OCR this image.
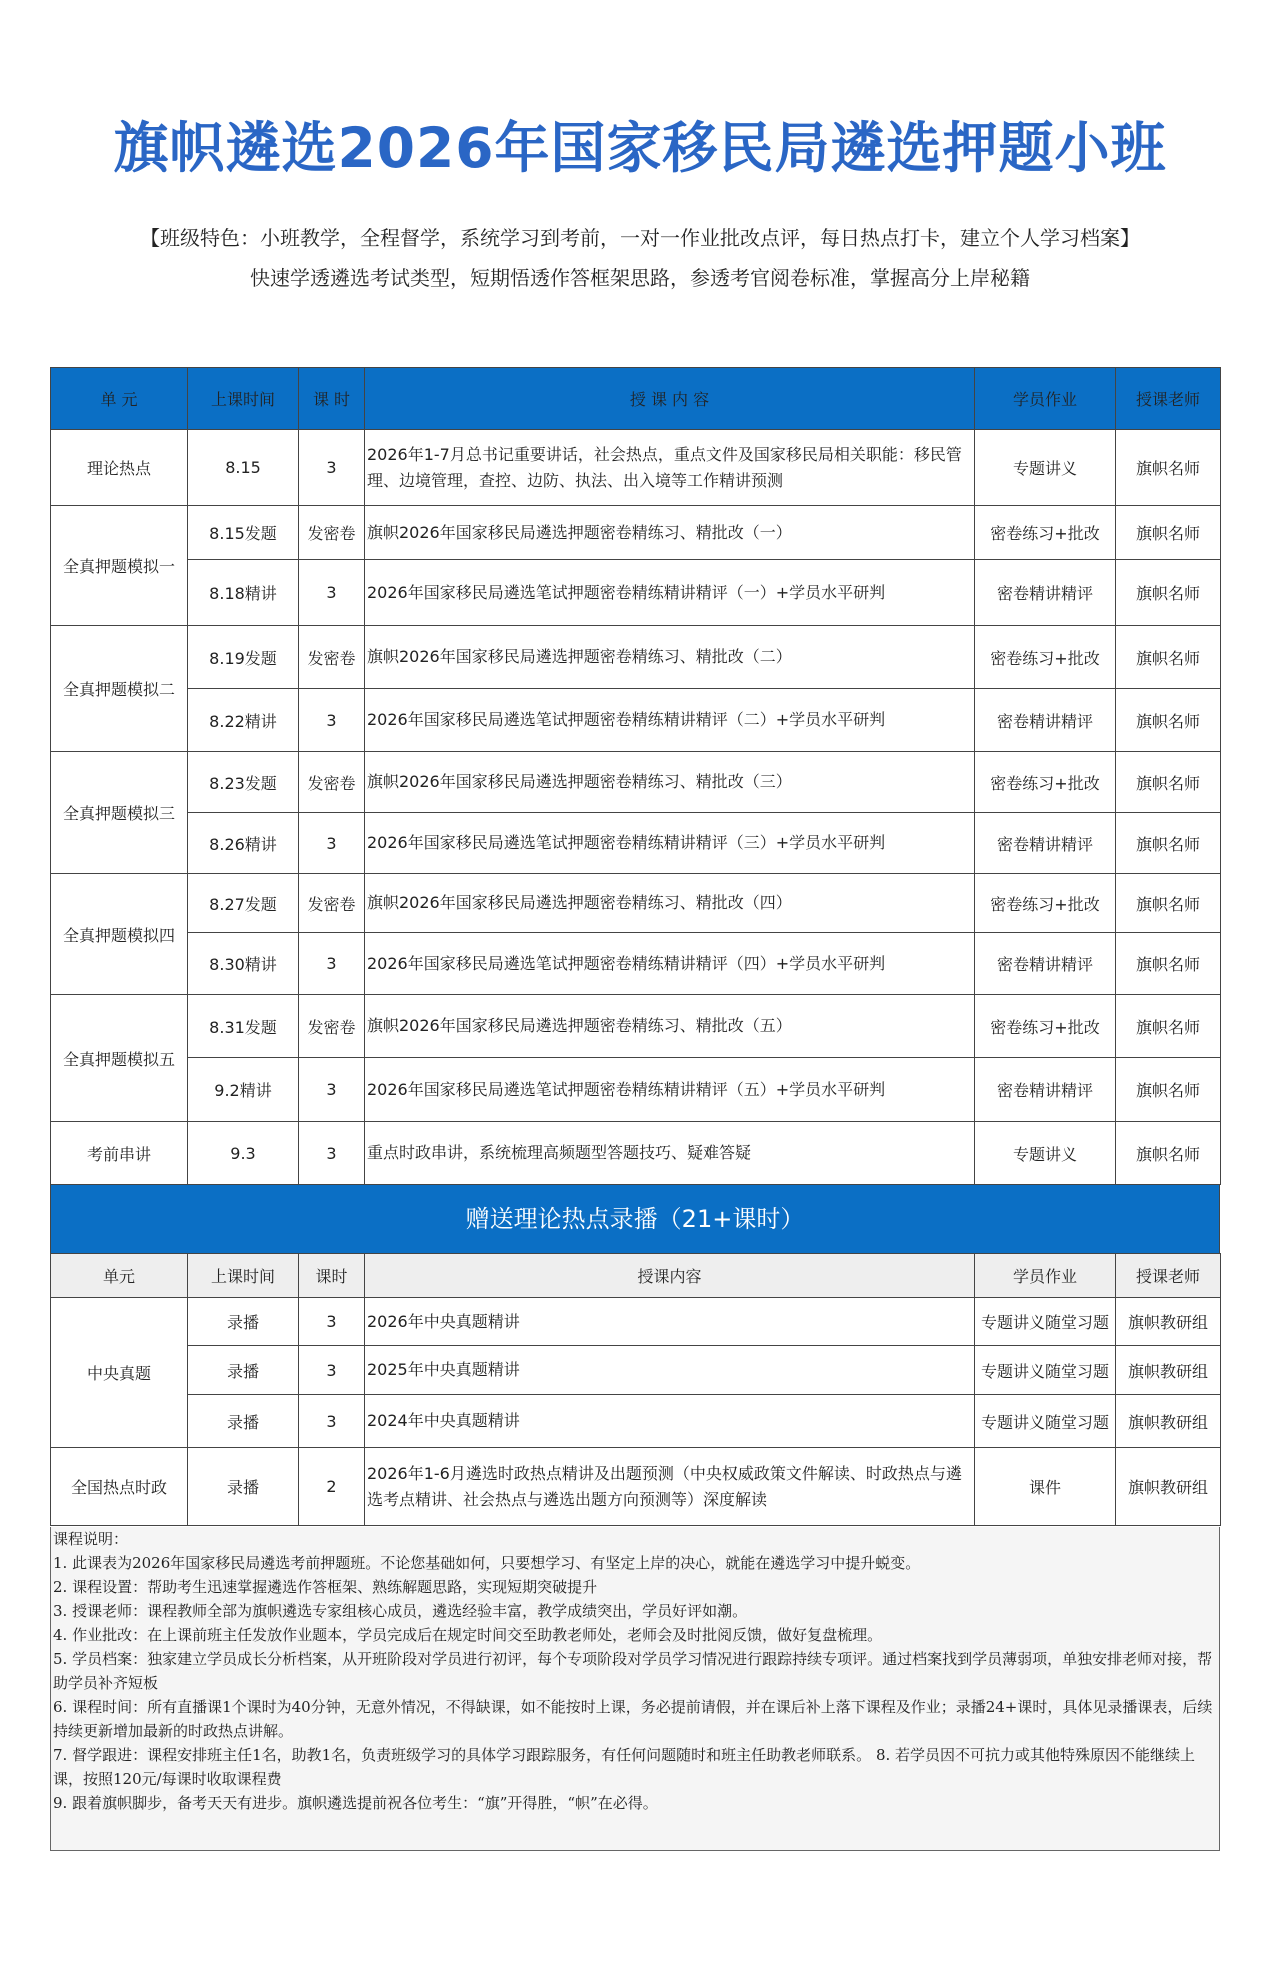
旗帜遴选2026年国家移民局遴选押题小班
【班级特色：小班教学，全程督学，系统学习到考前，一对一作业批改点评，每日热点打卡，建立个人学习档案】
快速学透遴选考试类型，短期悟透作答框架思路，参透考官阅卷标准，掌握高分上岸秘籍
单 元	上课时间	课 时	授 课 内 容	学员作业	授课老师
理论热点	8.15	3	2026年1-7月总书记重要讲话，社会热点，重点文件及国家移民局相关职能：移民管理、边境管理，查控、边防、执法、出入境等工作精讲预测	专题讲义	旗帜名师
全真押题模拟一	8.15发题	发密卷	旗帜2026年国家移民局遴选押题密卷精练习、精批改（一）	密卷练习+批改	旗帜名师
	8.18精讲	3	2026年国家移民局遴选笔试押题密卷精练精讲精评（一）+学员水平研判	密卷精讲精评	旗帜名师
全真押题模拟二	8.19发题	发密卷	旗帜2026年国家移民局遴选押题密卷精练习、精批改（二）	密卷练习+批改	旗帜名师
	8.22精讲	3	2026年国家移民局遴选笔试押题密卷精练精讲精评（二）+学员水平研判	密卷精讲精评	旗帜名师
全真押题模拟三	8.23发题	发密卷	旗帜2026年国家移民局遴选押题密卷精练习、精批改（三）	密卷练习+批改	旗帜名师
	8.26精讲	3	2026年国家移民局遴选笔试押题密卷精练精讲精评（三）+学员水平研判	密卷精讲精评	旗帜名师
全真押题模拟四	8.27发题	发密卷	旗帜2026年国家移民局遴选押题密卷精练习、精批改（四）	密卷练习+批改	旗帜名师
	8.30精讲	3	2026年国家移民局遴选笔试押题密卷精练精讲精评（四）+学员水平研判	密卷精讲精评	旗帜名师
全真押题模拟五	8.31发题	发密卷	旗帜2026年国家移民局遴选押题密卷精练习、精批改（五）	密卷练习+批改	旗帜名师
	9.2精讲	3	2026年国家移民局遴选笔试押题密卷精练精讲精评（五）+学员水平研判	密卷精讲精评	旗帜名师
考前串讲	9.3	3	重点时政串讲，系统梳理高频题型答题技巧、疑难答疑	专题讲义	旗帜名师
赠送理论热点录播（21+课时）
单元	上课时间	课时	授课内容	学员作业	授课老师
中央真题	录播	3	2026年中央真题精讲	专题讲义随堂习题	旗帜教研组
	录播	3	2025年中央真题精讲	专题讲义随堂习题	旗帜教研组
	录播	3	2024年中央真题精讲	专题讲义随堂习题	旗帜教研组
全国热点时政	录播	2	2026年1-6月遴选时政热点精讲及出题预测（中央权威政策文件解读、时政热点与遴选考点精讲、社会热点与遴选出题方向预测等）深度解读	课件	旗帜教研组

课程说明：

1. 此课表为2026年国家移民局遴选考前押题班。不论您基础如何，只要想学习、有坚定上岸的决心，就能在遴选学习中提升蜕变。

2. 课程设置：帮助考生迅速掌握遴选作答框架、熟练解题思路，实现短期突破提升

3. 授课老师：课程教师全部为旗帜遴选专家组核心成员，遴选经验丰富，教学成绩突出，学员好评如潮。

4. 作业批改：在上课前班主任发放作业题本，学员完成后在规定时间交至助教老师处，老师会及时批阅反馈，做好复盘梳理。

5. 学员档案：独家建立学员成长分析档案，从开班阶段对学员进行初评，每个专项阶段对学员学习情况进行跟踪持续专项评。通过档案找到学员薄弱项，单独安排老师对接，帮助学员补齐短板

6. 课程时间：所有直播课1个课时为40分钟，无意外情况，不得缺课，如不能按时上课，务必提前请假，并在课后补上落下课程及作业；录播24+课时，具体见录播课表，后续持续更新增加最新的时政热点讲解。

7. 督学跟进：课程安排班主任1名，助教1名，负责班级学习的具体学习跟踪服务，有任何问题随时和班主任助教老师联系。 8. 若学员因不可抗力或其他特殊原因不能继续上课，按照120元/每课时收取课程费

9. 跟着旗帜脚步，备考天天有进步。旗帜遴选提前祝各位考生：“旗”开得胜，“帜”在必得。
